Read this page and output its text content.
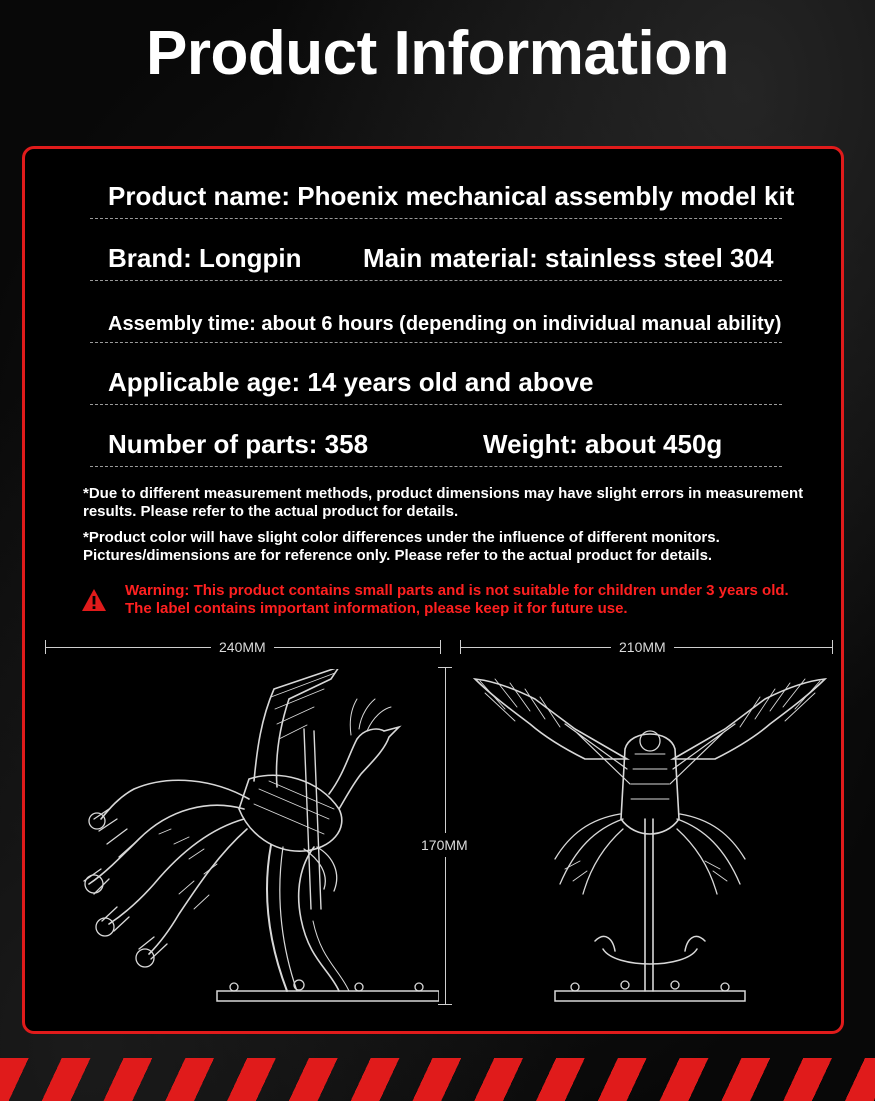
Product Information
Product name: Phoenix mechanical assembly model kit
Brand: Longpin Main material: stainless steel 304
Assembly time: about 6 hours (depending on individual manual ability)
Applicable age: 14 years old and above
Number of parts: 358	Weight: about 450g
*Due to different measurement methods, product dimensions may have slight errors in measurement results. Please refer to the actual product for details.
*Product color will have slight color differences under the influence of different monitors. Pictures/dimensions are for reference only. Please refer to the actual product for details.
Warning: This product contains small parts and is not suitable for children under 3 years old.
The label contains important information, please keep it for future use.
240MM	210MM
170MM
